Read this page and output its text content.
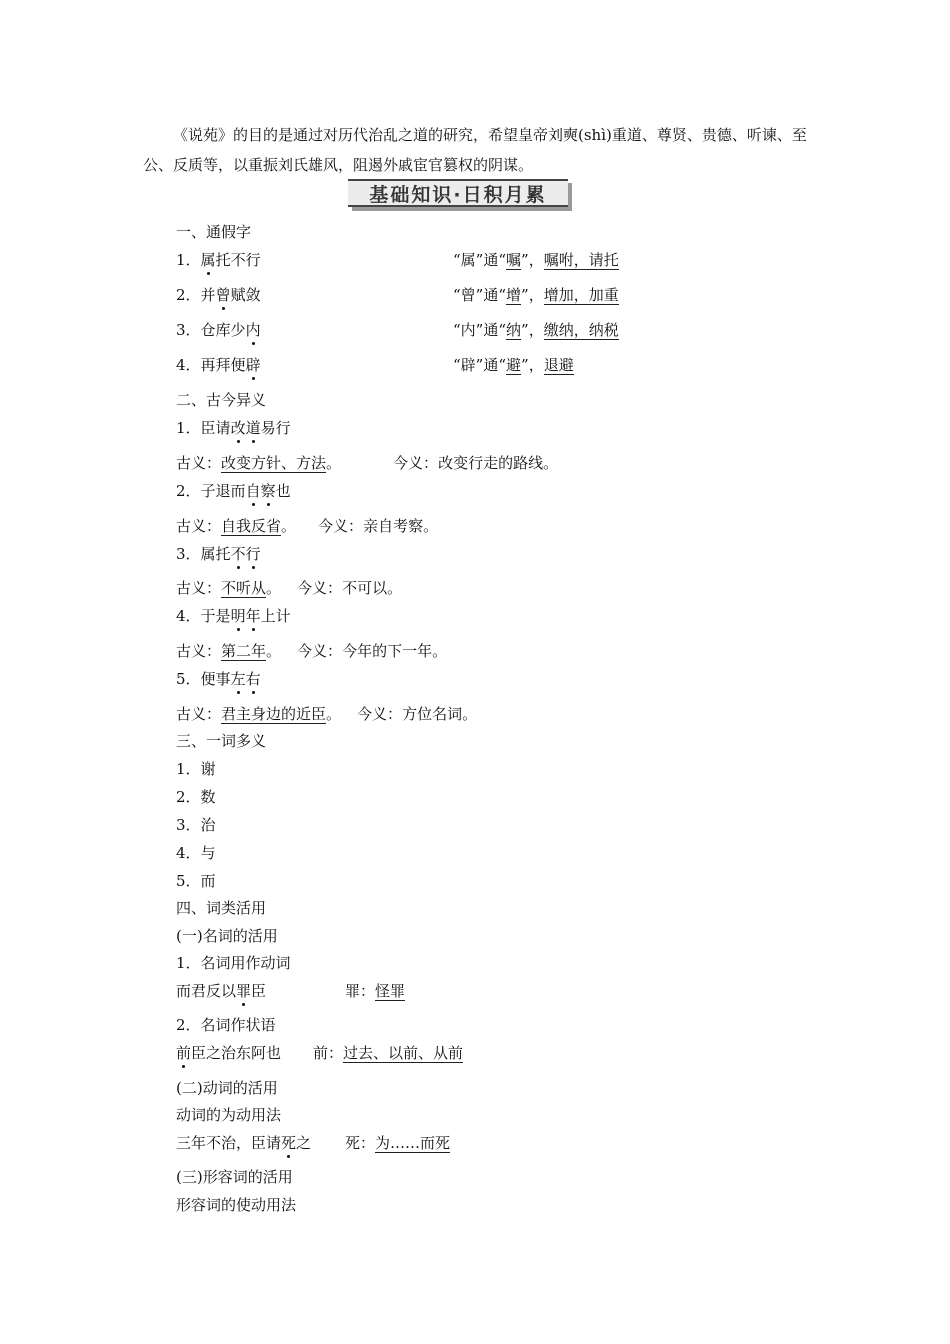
《说苑》的目的是通过对历代治乱之道的研究，希望皇帝刘奭(shì)重道、尊贤、贵德、听谏、至公、反质等，以重振刘氏雄风，阻遏外戚宦官篡权的阴谋。
基础知识·日积月累
一、通假字
1．属托不行	“属”通“嘱”，嘱咐，请托
2．并曾赋敛	“曾”通“增”，增加，加重
3．仓库少内	“内”通“纳”，缴纳，纳税
4．再拜便辟	“辟”通“避”，退避
二、古今异义
1．臣请改道易行
古义：改变方针、方法。	今义：改变行走的路线。
2．子退而自察也
古义：自我反省。 今义：亲自考察。
3．属托不行
古义：不听从。 今义：不可以。
4．于是明年上计
古义：第二年。 今义：今年的下一年。
5．便事左右
古义：君主身边的近臣。 今义：方位名词。
三、一词多义
1．谢
2．数
3．治
4．与
5．而
四、词类活用
(一)名词的活用
1．名词用作动词
而君反以罪臣	罪：怪罪
2．名词作状语
前臣之治东阿也 前：过去、以前、从前
(二)动词的活用
动词的为动用法
三年不治，臣请死之 死：为……而死
(三)形容词的活用
形容词的使动用法
